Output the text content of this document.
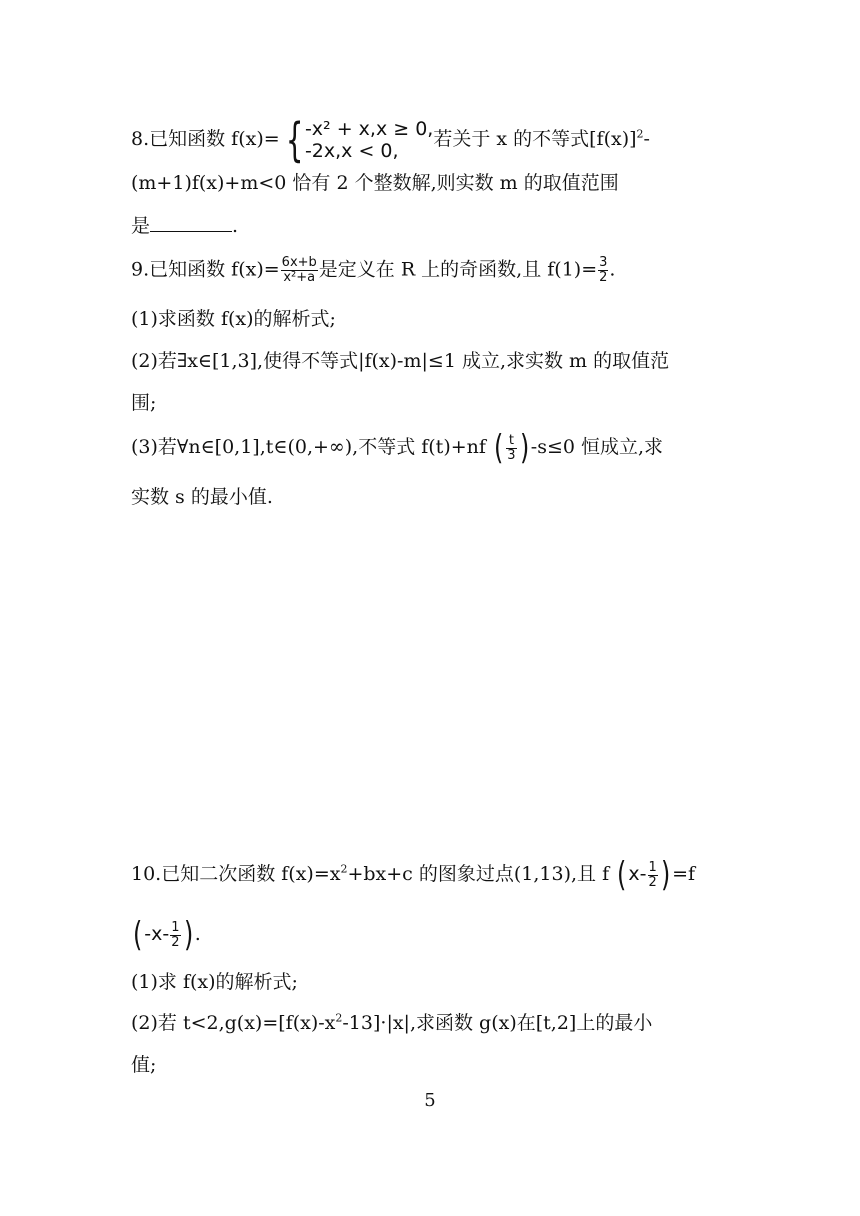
8.已知函数 f(x)= { -x² + x,x ≥ 0,
-2x,x < 0,
若关于 x 的不等式$[f(x)]^2-$
(m+1)f(x)+m<0 恰有 2 个整数解,则实数 m 的取值范围
是	.
9.已知函数 $f(x)= \frac{6x+b}{\text{x²+a}}$ 是定义在 R 上的奇函数,且 $f(1)= \frac{3}{2}$ .
(1)求函数 f(x)的解析式;
(2)若∃x∈[1,3],使得不等式|f(x)-m|≤1 成立,求实数 m 的取值范
围;
(3)若∀n∈[0,1],t∈(0,+∞),不等式 f(t)+nf ( $\frac{t}{3}$ ) -s≤0 恒成立,求
实数 s 的最小值.
10.已知二次函数 $f(x)=x^2+bx+c$ 的图象过点(1,13),且 f ( $x- \frac{1}{2}$ ) =f
( $-x- \frac{1}{2}$ ) .
(1)求 f(x)的解析式;
(2)若 $t<2,g(x)=[f(x)-x^2-13]\cdot|x|$,求函数 g(x)在[t,2]上的最小
值;
5
